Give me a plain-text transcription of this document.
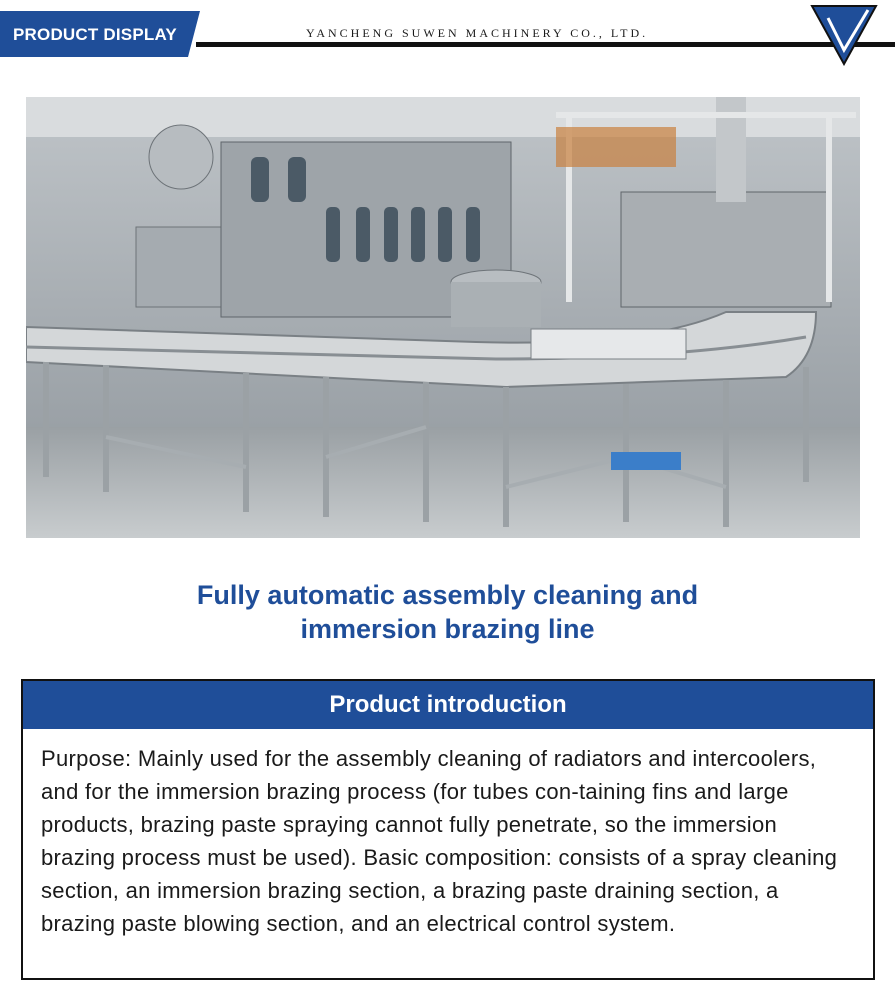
PRODUCT DISPLAY	YANCHENG SUWEN MACHINERY CO., LTD.
Fully automatic assembly cleaning and
immersion brazing line
Product introduction
Purpose: Mainly used for the assembly cleaning of radiators and intercoolers, and for the immersion brazing process (for tubes con-taining fins and large products, brazing paste spraying cannot fully penetrate, so the immersion brazing process must be used). Basic composition: consists of a spray cleaning section, an immersion brazing section, a brazing paste draining section, a brazing paste blowing section, and an electrical control system.
